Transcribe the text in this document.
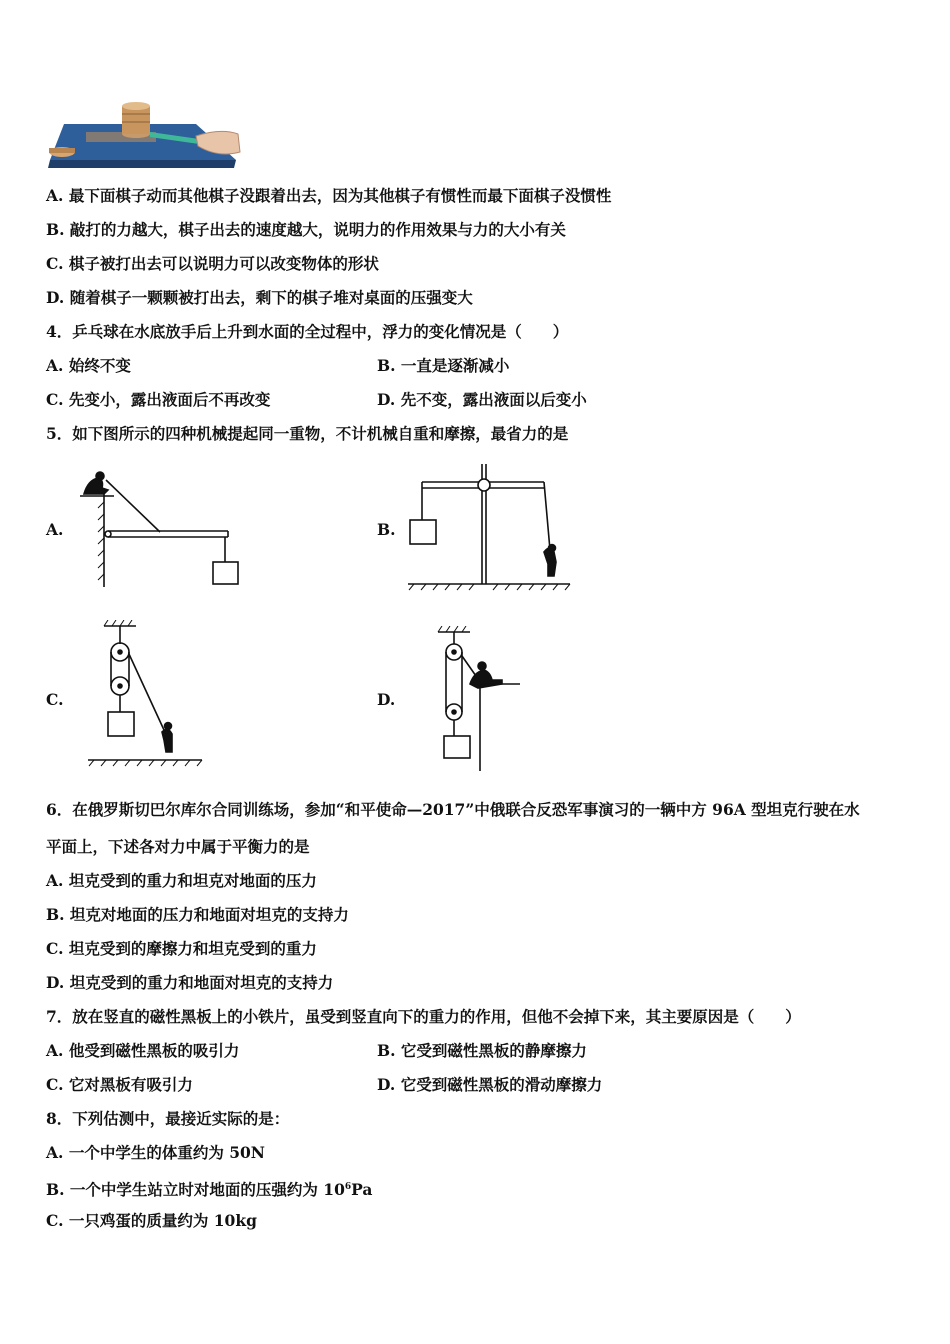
A. 最下面棋子动而其他棋子没跟着出去，因为其他棋子有惯性而最下面棋子没惯性
B. 敲打的力越大，棋子出去的速度越大，说明力的作用效果与力的大小有关
C. 棋子被打出去可以说明力可以改变物体的形状
D. 随着棋子一颗颗被打出去，剩下的棋子堆对桌面的压强变大
4．乒乓球在水底放手后上升到水面的全过程中，浮力的变化情况是（　　）
A. 始终不变	B. 一直是逐渐减小
C. 先变小，露出液面后不再改变	D. 先不变，露出液面以后变小
5．如下图所示的四种机械提起同一重物，不计机械自重和摩擦，最省力的是
A.	B.
C.	D.
6．在俄罗斯切巴尔库尔合同训练场，参加“和平使命—2017”中俄联合反恐军事演习的一辆中方 96A 型坦克行驶在水
平面上，下述各对力中属于平衡力的是
A. 坦克受到的重力和坦克对地面的压力
B. 坦克对地面的压力和地面对坦克的支持力
C. 坦克受到的摩擦力和坦克受到的重力
D. 坦克受到的重力和地面对坦克的支持力
7．放在竖直的磁性黑板上的小铁片，虽受到竖直向下的重力的作用，但他不会掉下来，其主要原因是（　　）
A. 他受到磁性黑板的吸引力	B. 它受到磁性黑板的静摩擦力
C. 它对黑板有吸引力	D. 它受到磁性黑板的滑动摩擦力
8．下列估测中，最接近实际的是：
A. 一个中学生的体重约为 50N
B. 一个中学生站立时对地面的压强约为 $10^6Pa$
C. 一只鸡蛋的质量约为 10kg
